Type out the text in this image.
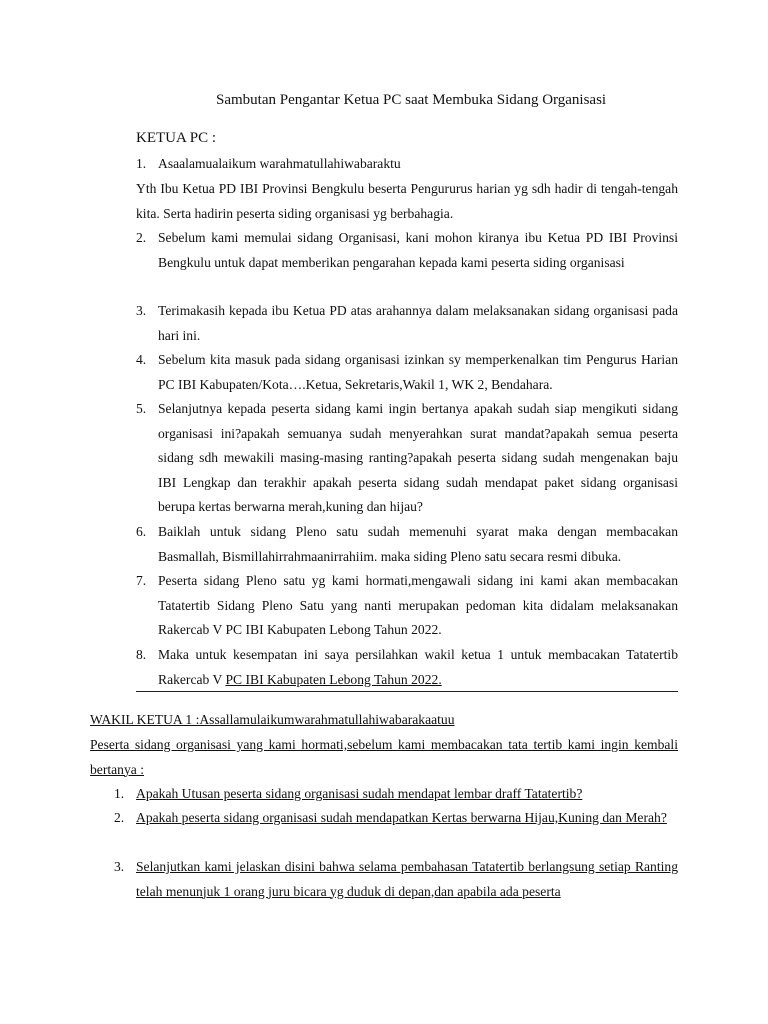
Sambutan Pengantar Ketua PC saat Membuka Sidang Organisasi
KETUA PC :
1. Asaalamualaikum warahmatullahiwabaraktu
Yth Ibu Ketua PD IBI Provinsi Bengkulu beserta Pengururus harian yg sdh hadir di tengah-tengah kita. Serta hadirin peserta siding organisasi yg berbahagia.
2. Sebelum kami memulai sidang Organisasi, kani mohon kiranya ibu Ketua PD IBI Provinsi Bengkulu untuk dapat memberikan pengarahan kepada kami peserta siding organisasi
3. Terimakasih kepada ibu Ketua PD atas arahannya dalam melaksanakan sidang organisasi pada hari ini.
4. Sebelum kita masuk pada sidang organisasi izinkan sy memperkenalkan tim Pengurus Harian PC IBI Kabupaten/Kota….Ketua, Sekretaris,Wakil 1, WK 2, Bendahara.
5. Selanjutnya kepada peserta sidang kami ingin bertanya apakah sudah siap mengikuti sidang organisasi ini?apakah semuanya sudah menyerahkan surat mandat?apakah semua peserta sidang sdh mewakili masing-masing ranting?apakah peserta sidang sudah mengenakan baju IBI Lengkap dan terakhir apakah peserta sidang sudah mendapat paket sidang organisasi berupa kertas berwarna merah,kuning dan hijau?
6. Baiklah untuk sidang Pleno satu sudah memenuhi syarat maka dengan membacakan Basmallah, Bismillahirrahmaanirrahiim. maka siding Pleno satu secara resmi dibuka.
7. Peserta sidang Pleno satu yg kami hormati,mengawali sidang ini kami akan membacakan Tatatertib Sidang Pleno Satu yang nanti merupakan pedoman kita didalam melaksanakan Rakercab V PC IBI Kabupaten Lebong Tahun 2022.
8. Maka untuk kesempatan ini saya persilahkan wakil ketua 1 untuk membacakan Tatatertib Rakercab V PC IBI Kabupaten Lebong Tahun 2022.
WAKIL KETUA 1 :Assallamulaikumwarahmatullahiwabarakaatuu
Peserta sidang organisasi yang kami hormati,sebelum kami membacakan tata tertib kami ingin kembali bertanya :
1. Apakah Utusan peserta sidang organisasi sudah mendapat lembar draff Tatatertib?
2. Apakah peserta sidang organisasi sudah mendapatkan Kertas berwarna Hijau,Kuning dan Merah?
3. Selanjutkan kami jelaskan disini bahwa selama pembahasan Tatatertib berlangsung setiap Ranting telah menunjuk 1 orang juru bicara yg duduk di depan,dan apabila ada peserta
